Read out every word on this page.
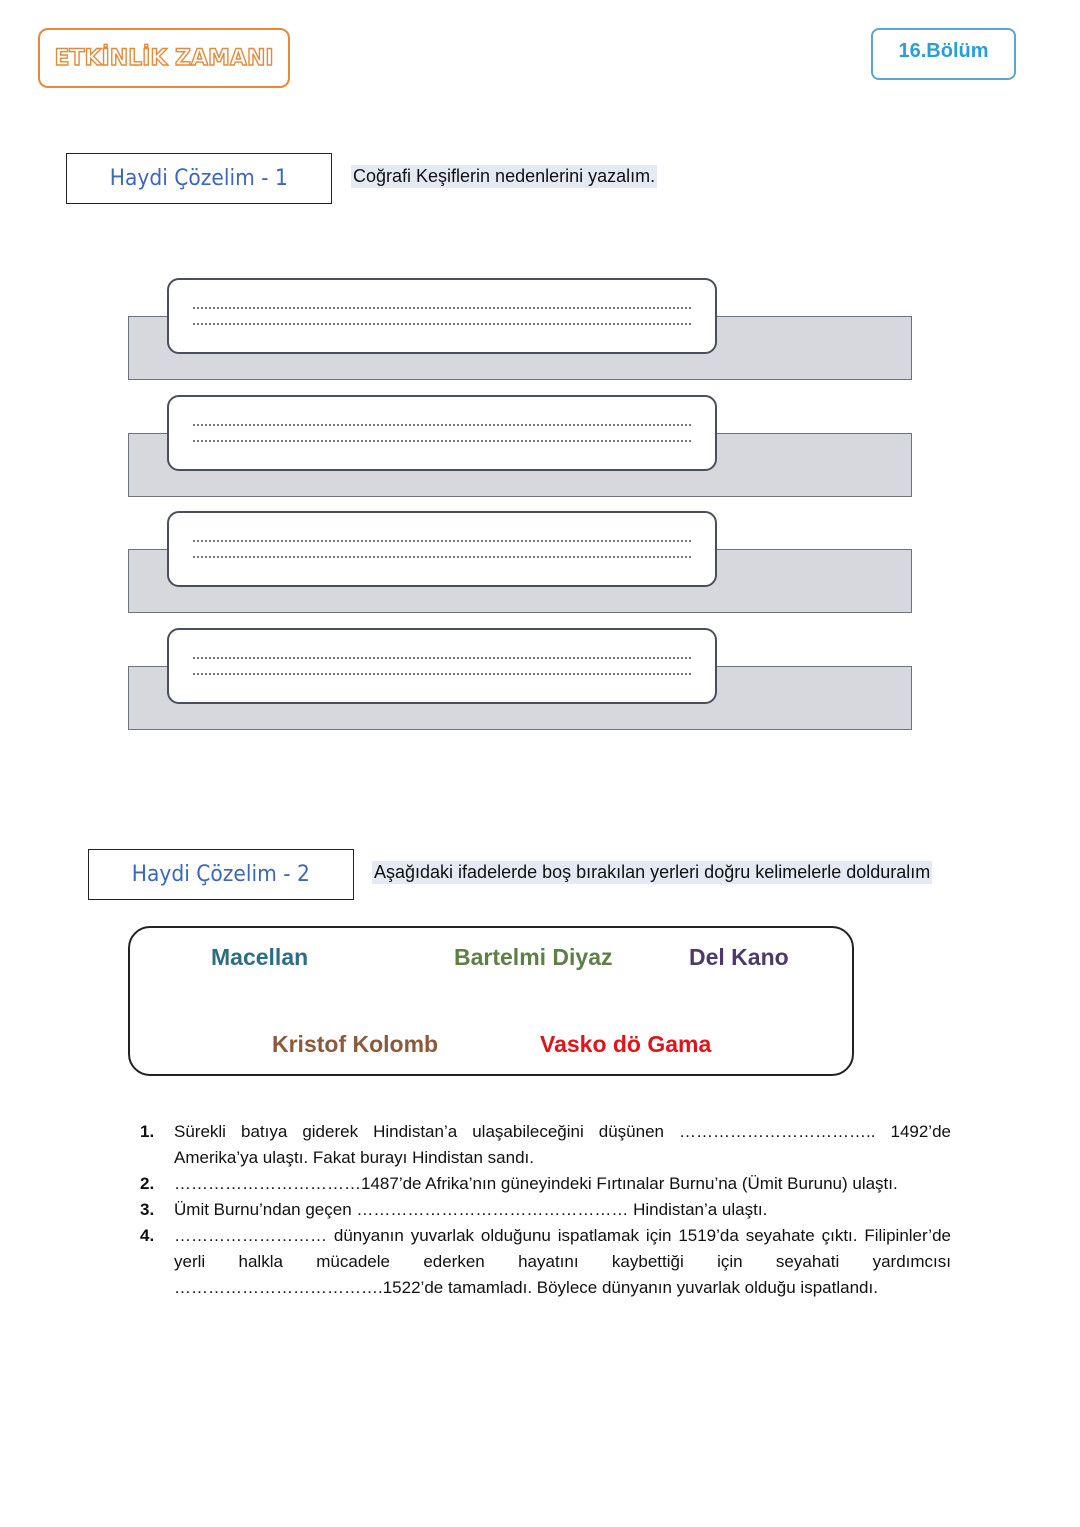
ETKİNLİK ZAMANI	16.Bölüm
Haydi Çözelim - 1	Coğrafi Keşiflerin nedenlerini yazalım.
Haydi Çözelim - 2	Aşağıdaki ifadelerde boş bırakılan yerleri doğru kelimelerle dolduralım
Macellan	Bartelmi Diyaz	Del Kano
Kristof Kolomb	Vasko dö Gama
1.	Sürekli batıya giderek Hindistan’a ulaşabileceğini düşünen …………………………….. 1492’de Amerika’ya ulaştı. Fakat burayı Hindistan sandı.
2.	……………………………1487’de Afrika’nın güneyindeki Fırtınalar Burnu’na (Ümit Burunu) ulaştı.
3.	Ümit Burnu’ndan geçen ………………………………………… Hindistan’a ulaştı.
4.	……………………… dünyanın yuvarlak olduğunu ispatlamak için 1519’da seyahate çıktı. Filipinler’de yerli halkla mücadele ederken hayatını kaybettiği için seyahati yardımcısı ……………………………….1522’de tamamladı. Böylece dünyanın yuvarlak olduğu ispatlandı.
